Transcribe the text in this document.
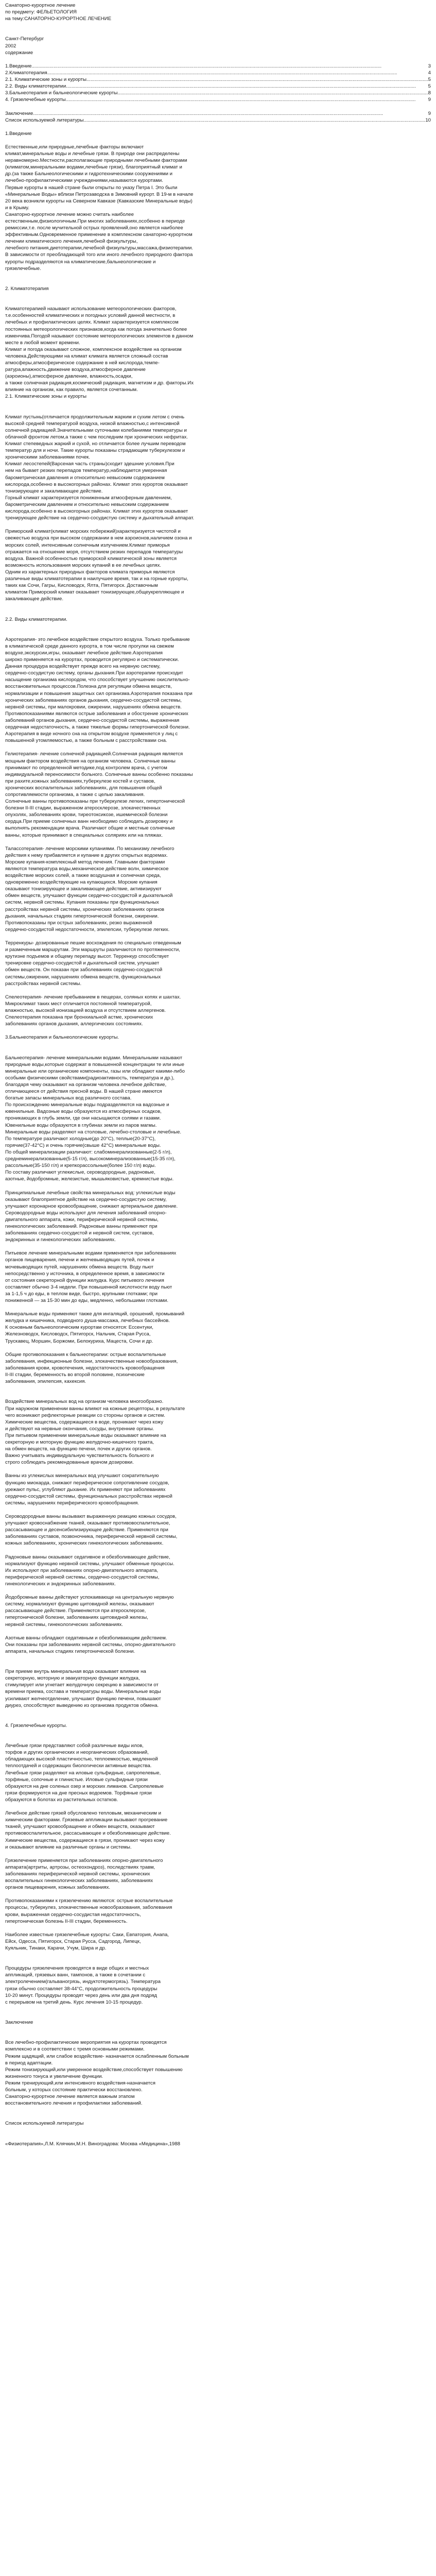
Санаторно-курортное лечение
по предмету: ФЕЛЬЕТОЛОГИЯ
на тему:САНАТОРНО-КУРОРТНОЕ ЛЕЧЕНИЕ
Санкт-Петербург
2002
содержание
1.Введение .....	3
2.Климатотерапия .....	4
2.1. Климатические зоны и курорты .....	5
2.2. Виды климатотерапии .....	5
3.Бальнеотерапия и бальнеологические курорты .....	8
4. Грязелечебные курорты .....	9
Заключение .....	9
Список используемой литературы .....	10
1.Введение
Естественные,или природные,лечебные факторы включают
климат,минеральные воды и лечебные грязи. В природе они распределены
неравномерно.Местности,располагающие природными лечебными факторами
(климатом,минеральными водами,лечебные грязи), благоприятный климат и
др.(за также Бальнеологическими и гидротехническими сооружениями и
лечебно-профилактическими учреждениями,называются курортами.
Первые курорты в нашей стране были открыты по указу Петра I. Это были
«Минеральные Воды» вблизи Петрозаводска в Зимовний курорт. В 19-м в начале
20 века возникли курорты на Северном Кавказе (Кавказские Минеральные воды)
и в Крыму.
Санаторно-курортное лечение можно считать наиболее
естественным,физиологичным.При многих заболеваниях,особенно в периоде
ремиссии,т.е. после мучительной острых проявлений,оно является наиболее
эффективным.Одновременное применение в комплексном санаторно-курортном
лечении климатического лечения,лечебной физкультуры,
лечебного питания,диетотерапии,лечебной физкультуры,массажа,физиотерапии.
В зависимости от преобладающей того или иного лечебного природного фактора
курорты подразделяются на климатические,бальнеологические и
грязелечебные.
2. Климатотерапия
Климатотерапией называют использование метеорологических факторов,
т.е.особенностей климатических и погодных условий данной местности, в
лечебных и профилактических целях. Климат характеризуется комплексом
постоянных метеорологических признаков,когда как погода значительно более
изменчива.Погодой называют состояние метеорологических элементов в данном
месте в любой момент времени.
Климат и погода оказывают сложное, комплексное воздействие на организм
человека.Действующими на климат климата является сложный состав
атмосферы,атмосферическое содержание в ней кислорода,темпе-
ратура,влажность,движение воздуха,атмосферное давление
(аэроионы),атмосферное давление, влажность,осадки,
а также солнечная радиация,космический радиация, магнетизм и др. факторы.Их
влияние на организм, как правило, является сочетанным.
2.1. Климатические зоны и курорты
Климат пустынь(отличается продолжительным жарким и сухим летом с очень
высокой средней температурой воздуха, низкой влажностью,с интенсивной
солнечной радиацией.Значительными суточными колебаниями температуры и
облачной фронтом летом,а также с чем последним при хронических нефритах.
Климат степеведных жаркий и сухой, но отличается более лучшим переводом
температур для и ночи. Такие курорты показаны страдающим туберкулезом и
хроническими заболеваниями почек.
Климат лесостепей(Варсеная часть страны)сходит здешние условия.При
нем на бывает резких перепадов температур,наблюдается умеренная
барометрическая давления и относительно невысоким содержанием
кислорода,особенно в высокогорных районах. Климат этих курортов оказывает
тонизирующее и закаливающее действие.
Горный климат характеризуется пониженным атмосферным давлением,
барометрическим давлением и относительно невысоким содержанием
кислорода,особенно в высокогорных районах. Климат этих курортов оказывает
тренирующее действие на сердечно-сосудистую систему и дыхательный аппарат.
Приморский климат(климат морских побережий)характеризуется чистотой и
свежестью воздуха при высоком содержании в нем аэроионов,наличием озона и
морских солей, интенсивным солнечным излучением.Климат приморья
отражается на отношение моря, отсутствием резких перепадов температуры
воздуха. Важной особенностью приморской климатической зоны является
возможность использования морских купаний в ее лечебных целях.
Одним из характерных природных факторов климата приморья являются
различные виды климатотерапии в наилучшее время, так и на горные курорты,
таких как Сочи, Гагры, Кисловодск, Ялта, Пятигорск. Доставочным
климатом Приморский климат оказывает тонизирующее,общеукрепляющее и
закаливающее действие.
2.2. Виды климатотерапии.
Аэротерапия- это лечебное воздействие открытого воздуха. Только пребывание
в климатической среде данного курорта, в том числе прогулки на свежем
воздухе,экскурсии,игры, оказывает лечебное действие.Аэротерапия
широко применяется на курортах, проводится регулярно и систематически.
Данная процедура воздействует прежде всего на нервную систему,
сердечно-сосудистую систему, органы дыхания.При аэротерапии происходит
насыщение организма кислородом, что способствует улучшению окислительно-
восстановительных процессов.Полезна для регуляции обмена веществ,
нормализации и повышения защитных сил организма.Аэротерапия показана при
хронических заболеваниях органов дыхания, сердечно-сосудистой системы,
нервной системы, при малокровии, ожирении, нарушениях обмена веществ.
Противопоказаниями являются острые заболевания и обострение хронических
заболеваний органов дыхания, сердечно-сосудистой системы, выраженная
сердечная недостаточность, а также тяжелые формы гипертонической болезни.
Аэротерапия в виде ночного сна на открытом воздухе применяется у лиц с
повышенной утомляемостью, а также больным с расстройствами сна.
Гелиотерапия- лечение солнечной радиацией.Солнечная радиация является
мощным фактором воздействия на организм человека. Солнечные ванны
принимают по определенной методике,под контролем врача, с учетом
индивидуальной переносимости больного. Солнечные ванны особенно показаны
при рахите,кожных заболеваниях,туберкулезе костей и суставов,
хронических воспалительных заболеваниях, для повышения общей
сопротивляемости организма, а также с целью закаливания.
Солнечные ванны противопоказаны при туберкулезе легких, гипертонической
болезни II-III стадии, выраженном атеросклерозе, злокачественных
опухолях, заболеваниях крови, тиреотоксикозе, ишемической болезни
сердца.При приеме солнечных ванн необходимо соблюдать дозировку и
выполнять рекомендации врача. Различают общие и местные солнечные
ванны, которые принимают в специальных соляриях или на пляжах.
Талассотерапия- лечение морскими купаниями. По механизму лечебного
действия к нему прибавляется и купание в других открытых водоемах.
Морские купания-комплексный метод лечения. Главными факторами
являются температура воды,механическое действие волн, химическое
воздействие морских солей, а также воздушная и солнечная среда,
одновременно воздействующие на купающихся. Морские купания
оказывают тонизирующее и закаливающее действие, активизируют
обмен веществ, улучшают функции сердечно-сосудистой и дыхательной
систем, нервной системы. Купания показаны при функциональных
расстройствах нервной системы, хронических заболеваниях органов
дыхания, начальных стадиях гипертонической болезни, ожирении.
Противопоказаны при острых заболеваниях, резко выраженной
сердечно-сосудистой недостаточности, эпилепсии, туберкулезе легких.
Терренкуры- дозированные пешие восхождения по специально отведенным
и размеченным маршрутам. Эти маршруты различаются по протяженности,
крутизне подъемов и общему перепаду высот. Терренкур способствует
тренировке сердечно-сосудистой и дыхательной систем, улучшает
обмен веществ. Он показан при заболеваниях сердечно-сосудистой
системы,ожирении, нарушениях обмена веществ, функциональных
расстройствах нервной системы.
Спелеотерапия- лечение пребыванием в пещерах, соляных копях и шахтах.
Микроклимат таких мест отличается постоянной температурой,
влажностью, высокой ионизацией воздуха и отсутствием аллергенов.
Спелеотерапия показана при бронхиальной астме, хронических
заболеваниях органов дыхания, аллергических состояниях.
3.Бальнеотерапия и бальнеологические курорты.
Бальнеотерапия- лечение минеральными водами. Минеральными называют
природные воды,которые содержат в повышенной концентрации те или иные
минеральные или органические компоненты, газы или обладают какими-либо
особыми физическими свойствами(радиоактивность, температура и др.),
благодаря чему оказывают на организм человека лечебное действие,
отличающееся от действия пресной воды. В нашей стране имеются
богатые запасы минеральных вод различного состава.
По происхождению минеральные воды подразделяются на вадозные и
ювенильные. Вадозные воды образуются из атмосферных осадков,
проникающих в глубь земли, где они насыщаются солями и газами.
Ювенильные воды образуются в глубинах земли из паров магмы.
Минеральные воды разделяют на столовые, лечебно-столовые и лечебные.
По температуре различают холодные(до 20°С), теплые(20-37°С),
горячие(37-42°С) и очень горячие(свыше 42°С) минеральные воды.
По общей минерализации различают: слабоминерализованные(2-5 г/л),
среднеминерализованные(5-15 г/л), высокоминерализованные(15-35 г/л),
рассольные(35-150 г/л) и крепкорассольные(более 150 г/л) воды.
По составу различают углекислые, сероводородные, радоновые,
азотные, йодобромные, железистые, мышьяковистые, кремнистые воды.
Принципиальные лечебные свойства минеральных вод: углекислые воды
оказывают благоприятное действие на сердечно-сосудистую систему,
улучшают коронарное кровообращение, снижают артериальное давление.
Сероводородные воды используют для лечения заболеваний опорно-
двигательного аппарата, кожи, периферической нервной системы,
гинекологических заболеваний. Радоновые ванны применяют при
заболеваниях сердечно-сосудистой и нервной систем, суставов,
эндокринных и гинекологических заболеваниях.
Питьевое лечение минеральными водами применяется при заболеваниях
органов пищеварения, печени и желчевыводящих путей, почек и
мочевыводящих путей, нарушениях обмена веществ. Воду пьют
непосредственно у источника, в определенное время, в зависимости
от состояния секреторной функции желудка. Курс питьевого лечения
составляет обычно 3-4 недели. При повышенной кислотности воду пьют
за 1-1,5 ч до еды, в теплом виде, быстро, крупными глотками; при
пониженной — за 15-30 мин до еды, медленно, небольшими глотками.
Минеральные воды применяют также для ингаляций, орошений, промываний
желудка и кишечника, подводного душа-массажа, лечебных бассейнов.
К основным бальнеологическим курортам относятся: Ессентуки,
Железноводск, Кисловодск, Пятигорск, Нальчик, Старая Русса,
Трускавец, Моршин, Боржоми, Белокуриха, Мацеста, Сочи и др.
Общие противопоказания к бальнеотерапии: острые воспалительные
заболевания, инфекционные болезни, злокачественные новообразования,
заболевания крови, кровотечения, недостаточность кровообращения
II-III стадии, беременность во второй половине, психические
заболевания, эпилепсия, кахексия.
Воздействие минеральных вод на организм человека многообразно.
При наружном применении ванны влияют на кожные рецепторы, в результате
чего возникают рефлекторные реакции со стороны органов и систем.
Химические вещества, содержащиеся в воде, проникают через кожу
и действуют на нервные окончания, сосуды, внутренние органы.
При питьевом применении минеральные воды оказывают влияние на
секреторную и моторную функцию желудочно-кишечного тракта,
на обмен веществ, на функцию печени, почек и других органов.
Важно учитывать индивидуальную чувствительность больного и
строго соблюдать рекомендованные врачом дозировки.
Ванны из углекислых минеральных вод улучшают сократительную
функцию миокарда, снижают периферическое сопротивление сосудов,
урежают пульс, углубляют дыхание. Их применяют при заболеваниях
сердечно-сосудистой системы, функциональных расстройствах нервной
системы, нарушениях периферического кровообращения.
Сероводородные ванны вызывают выраженную реакцию кожных сосудов,
улучшают кровоснабжение тканей, оказывают противовоспалительное,
рассасывающее и десенсибилизирующее действие. Применяются при
заболеваниях суставов, позвоночника, периферической нервной системы,
кожных заболеваниях, хронических гинекологических заболеваниях.
Радоновые ванны оказывают седативное и обезболивающее действие,
нормализуют функцию нервной системы, улучшают обменные процессы.
Их используют при заболеваниях опорно-двигательного аппарата,
периферической нервной системы, сердечно-сосудистой системы,
гинекологических и эндокринных заболеваниях.
Йодобромные ванны действуют успокаивающе на центральную нервную
систему, нормализуют функцию щитовидной железы, оказывают
рассасывающее действие. Применяются при атеросклерозе,
гипертонической болезни, заболеваниях щитовидной железы,
нервной системы, гинекологических заболеваниях.
Азотные ванны обладают седативным и обезболивающим действием.
Они показаны при заболеваниях нервной системы, опорно-двигательного
аппарата, начальных стадиях гипертонической болезни.
При приеме внутрь минеральная вода оказывает влияние на
секреторную, моторную и эвакуаторную функции желудка,
стимулирует или угнетает желудочную секрецию в зависимости от
времени приема, состава и температуры воды. Минеральные воды
усиливают желчеотделение, улучшают функцию печени, повышают
диурез, способствуют выведению из организма продуктов обмена.
4. Грязелечебные курорты.
Лечебные грязи представляют собой различные виды илов,
торфов и других органических и неорганических образований,
обладающих высокой пластичностью, теплоемкостью, медленной
теплоотдачей и содержащих биологически активные вещества.
Лечебные грязи разделяют на иловые сульфидные, сапропелевые,
торфяные, сопочные и глинистые. Иловые сульфидные грязи
образуются на дне соленых озер и морских лиманов. Сапропелевые
грязи формируются на дне пресных водоемов. Торфяные грязи
образуются в болотах из растительных остатков.
Лечебное действие грязей обусловлено тепловым, механическим и
химическим факторами. Грязевые аппликации вызывают прогревание
тканей, улучшают кровообращение и обмен веществ, оказывают
противовоспалительное, рассасывающее и обезболивающее действие.
Химические вещества, содержащиеся в грязи, проникают через кожу
и оказывают влияние на различные органы и системы.
Грязелечение применяется при заболеваниях опорно-двигательного
аппарата(артриты, артрозы, остеохондроз), последствиях травм,
заболеваниях периферической нервной системы, хронических
воспалительных гинекологических заболеваниях, заболеваниях
органов пищеварения, кожных заболеваниях.
Противопоказаниями к грязелечению являются: острые воспалительные
процессы, туберкулез, злокачественные новообразования, заболевания
крови, выраженная сердечно-сосудистая недостаточность,
гипертоническая болезнь II-III стадии, беременность.
Наиболее известные грязелечебные курорты: Саки, Евпатория, Анапа,
Ейск, Одесса, Пятигорск, Старая Русса, Садгород, Липецк,
Куяльник, Тинаки, Карачи, Учум, Шира и др.
Процедуры грязелечения проводятся в виде общих и местных
аппликаций, грязевых ванн, тампонов, а также в сочетании с
электролечением(гальваногрязь, индуктотермогрязь). Температура
грязи обычно составляет 38-44°С, продолжительность процедуры
10-20 минут. Процедуры проводят через день или два дня подряд
с перерывом на третий день. Курс лечения 10-15 процедур.
Заключение
Все лечебно-профилактические мероприятия на курортах проводятся
комплексно и в соответствии с тремя основными режимами.
Режим щадящий, или слабое воздействие- назначается ослабленным больным
в период адаптации.
Режим тонизирующий,или умеренное воздействие,способствует повышению
жизненного тонуса и увеличение функции.
Режим тренирующий,или интенсивного воздействия-назначается
больным, у которых состояние практически восстановлено.
Санаторно-курортное лечение является важным этапом
восстановительного лечения и профилактики заболеваний.
Список используемой литературы
«Физиотерапия»,Л.М. Клячкин,М.Н. Виноградова: Москва «Медицина»,1988
